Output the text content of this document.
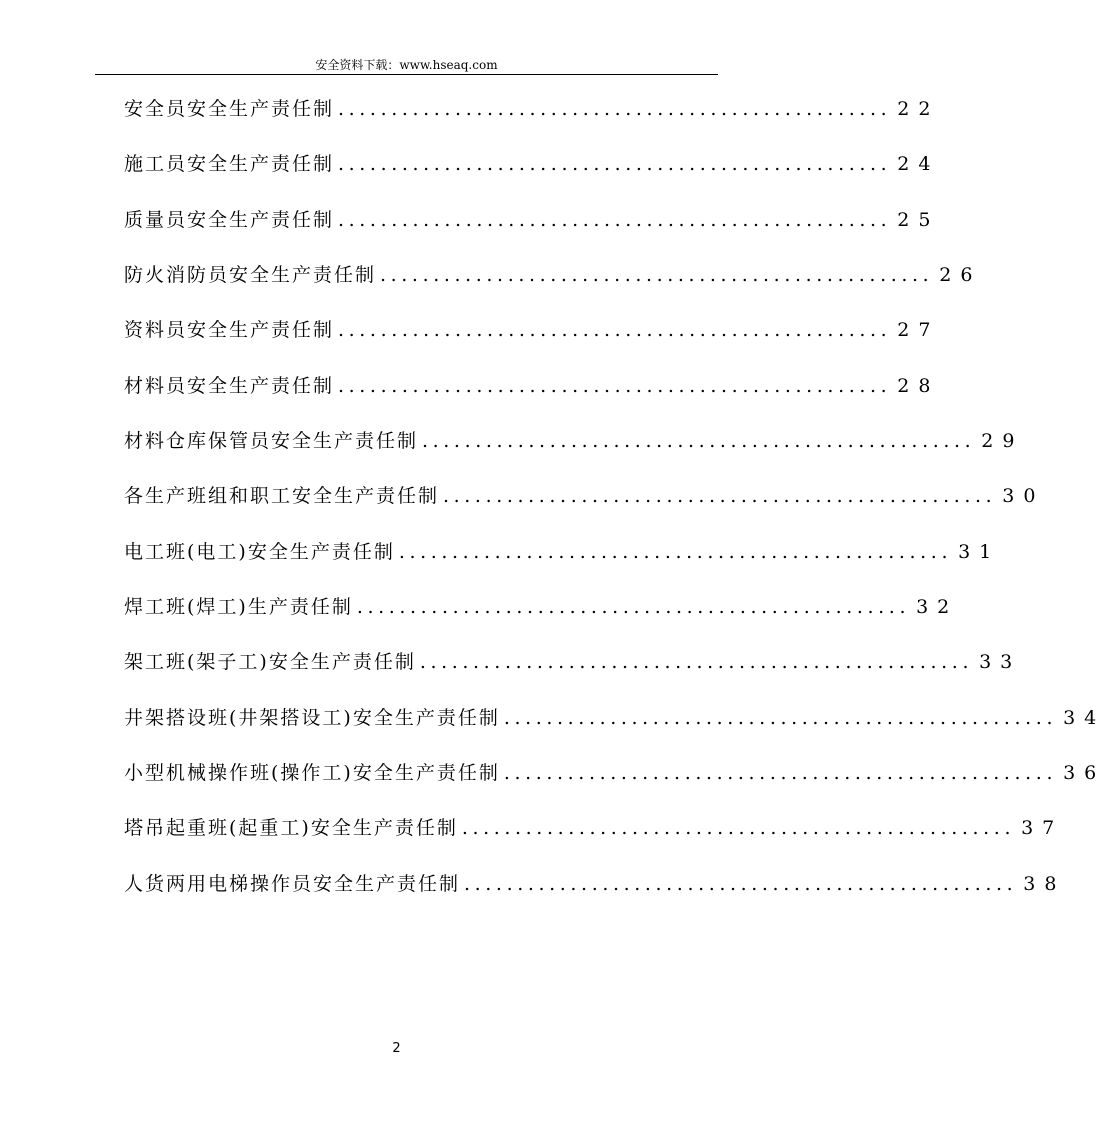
安全资料下载：www.hseaq.com
安全员安全生产责任制 .................................................... 22
施工员安全生产责任制 .................................................... 24
质量员安全生产责任制 .................................................... 25
防火消防员安全生产责任制 .................................................... 26
资料员安全生产责任制 .................................................... 27
材料员安全生产责任制 .................................................... 28
材料仓库保管员安全生产责任制 .................................................... 29
各生产班组和职工安全生产责任制 .................................................... 30
电工班(电工)安全生产责任制 .................................................... 31
焊工班(焊工)生产责任制 .................................................... 32
架工班(架子工)安全生产责任制 .................................................... 33
井架搭设班(井架搭设工)安全生产责任制 .................................................... 34
小型机械操作班(操作工)安全生产责任制 .................................................... 36
塔吊起重班(起重工)安全生产责任制 .................................................... 37
人货两用电梯操作员安全生产责任制 .................................................... 38
2
